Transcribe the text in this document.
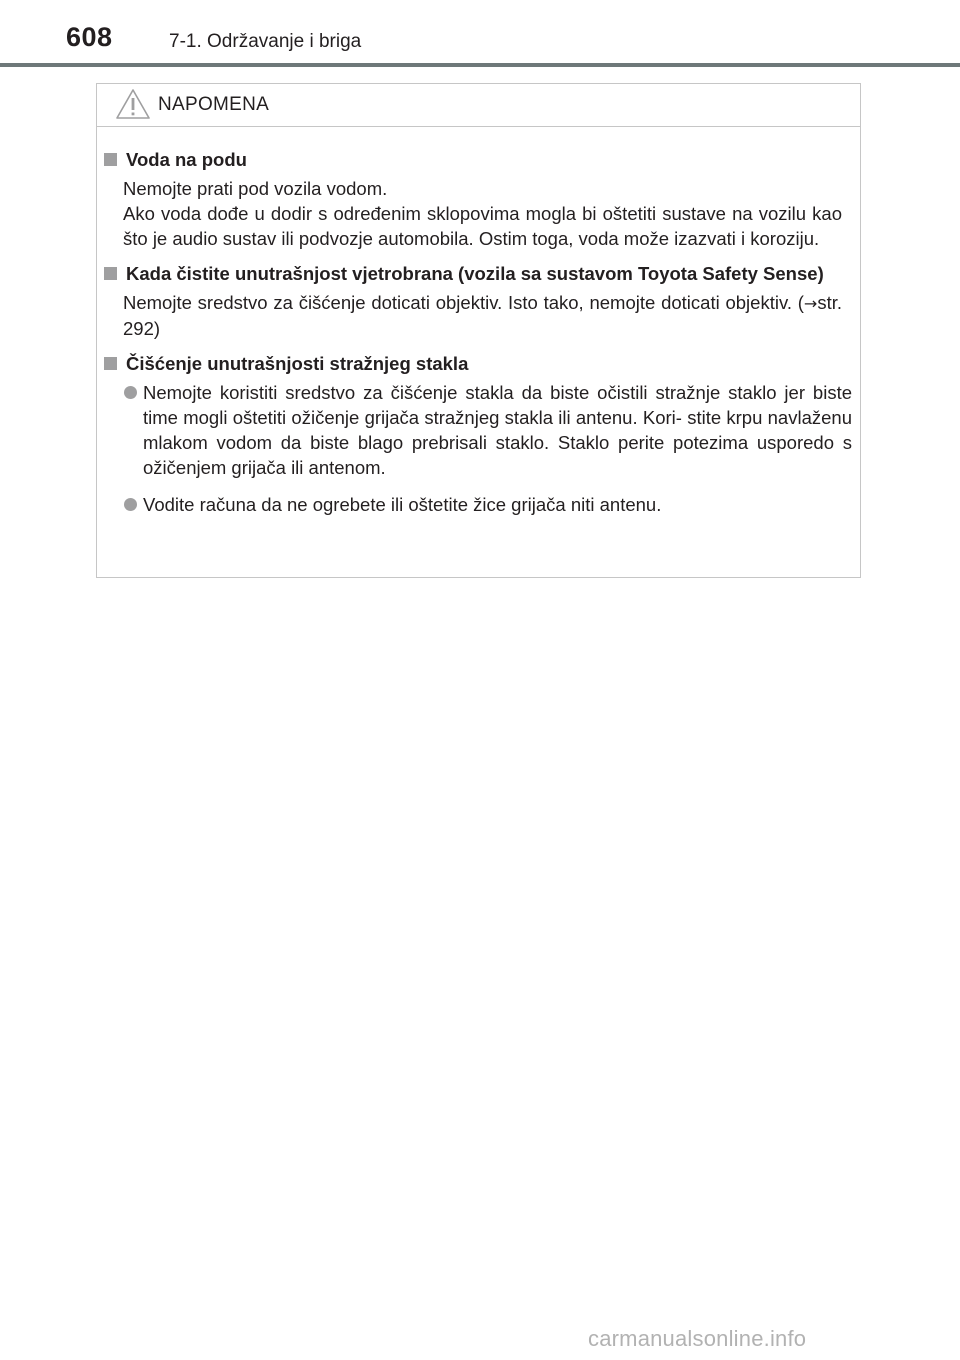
608	7-1. Održavanje i briga
NAPOMENA
Voda na podu
Nemojte prati pod vozila vodom.
Ako voda dođe u dodir s određenim sklopovima mogla bi oštetiti sustave na vozilu kao što je audio sustav ili podvozje automobila. Ostim toga, voda može izazvati i koroziju.
Kada čistite unutrašnjost vjetrobrana (vozila sa sustavom Toyota Safety Sense)
Nemojte sredstvo za čišćenje doticati objektiv. Isto tako, nemojte doticati objektiv. (→str. 292)
Čišćenje unutrašnjosti stražnjeg stakla
Nemojte koristiti sredstvo za čišćenje stakla da biste očistili stražnje staklo jer biste time mogli oštetiti ožičenje grijača stražnjeg stakla ili antenu. Kori- stite krpu navlaženu mlakom vodom da biste blago prebrisali staklo. Staklo perite potezima usporedo s ožičenjem grijača ili antenom.
Vodite računa da ne ogrebete ili oštetite žice grijača niti antenu.
carmanualsonline.info
